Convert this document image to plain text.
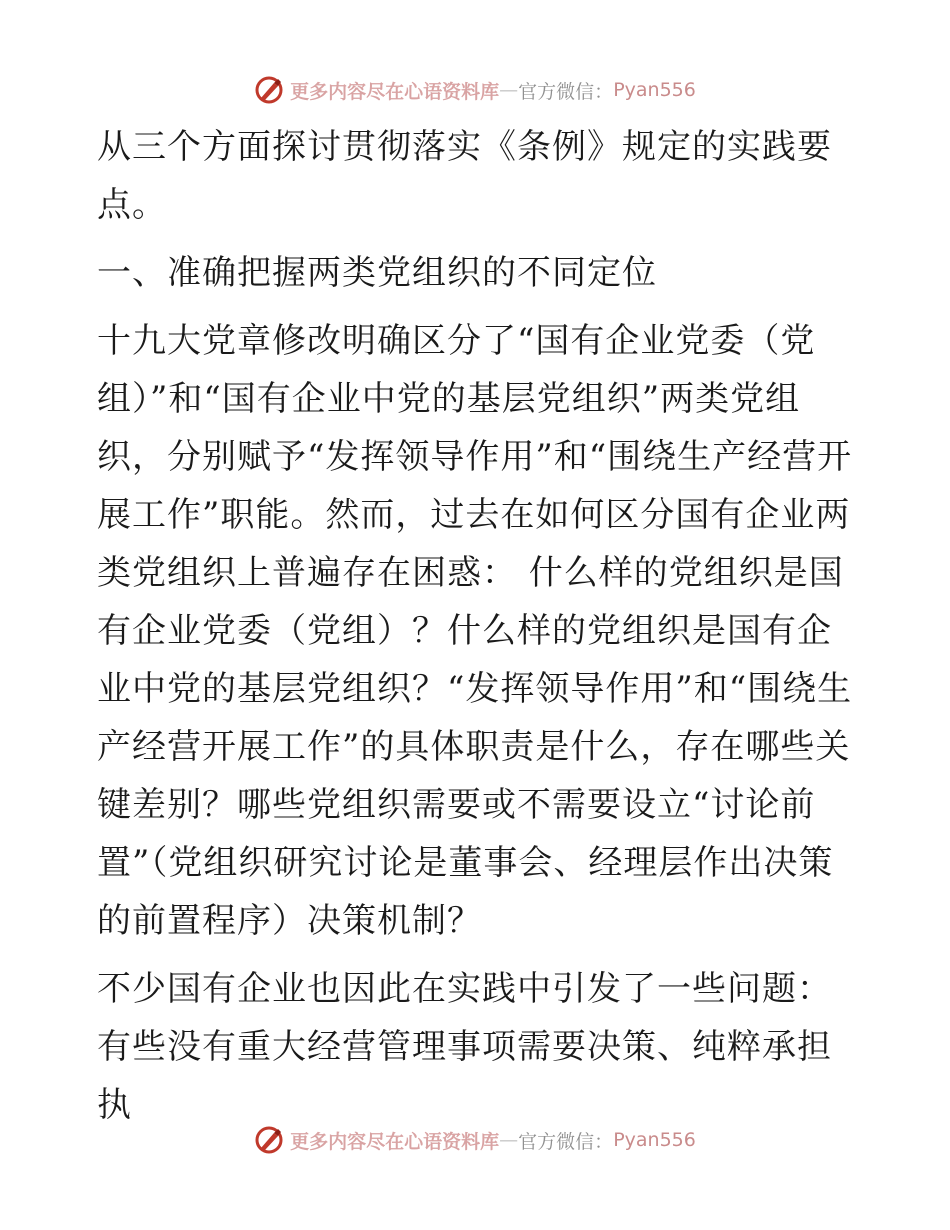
更多内容尽在心语资料库 — 官方微信： Pyan556

从三个方面探讨贯彻落实《条例》规定的实践要点。

一、准确把握两类党组织的不同定位

十九大党章修改明确区分了“国有企业党委（党组）”和“国有企业中党的基层党组织”两类党组织，分别赋予“发挥领导作用”和“围绕生产经营开展工作”职能。然而，过去在如何区分国有企业两类党组织上普遍存在困惑： 什么样的党组织是国有企业党委（党组）？什么样的党组织是国有企业中党的基层党组织？“发挥领导作用”和“围绕生产经营开展工作”的具体职责是什么，存在哪些关键差别？哪些党组织需要或不需要设立“讨论前置”（党组织研究讨论是董事会、经理层作出决策的前置程序）决策机制？

不少国有企业也因此在实践中引发了一些问题：有些没有重大经营管理事项需要决策、纯粹承担执

更多内容尽在心语资料库 — 官方微信： Pyan556
